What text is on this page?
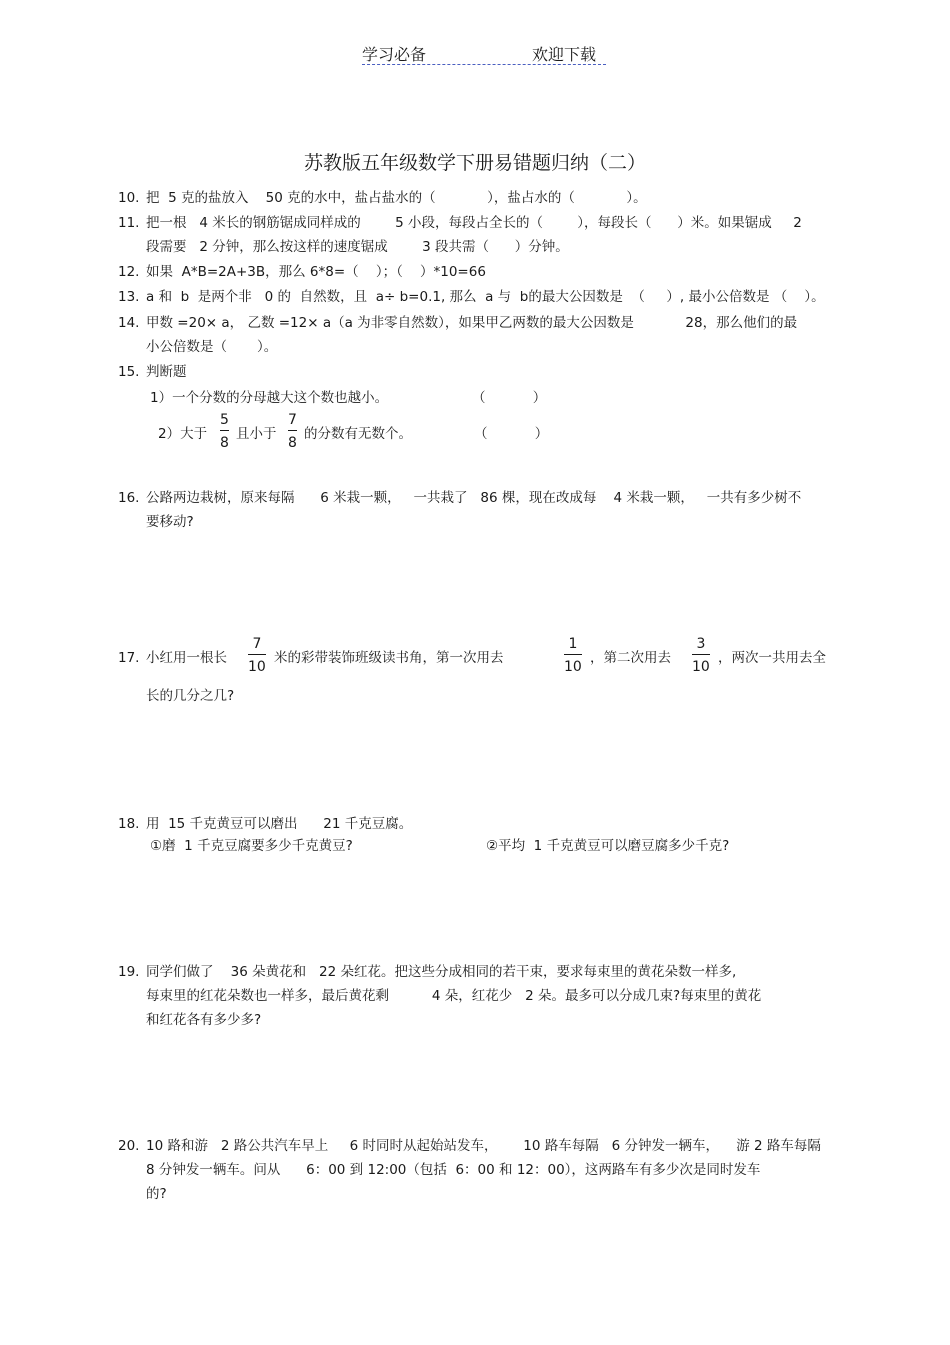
学习必备	欢迎下载
苏教版五年级数学下册易错题归纳（二）
10. 把  5 克的盐放入    50 克的水中，盐占盐水的（            ），盐占水的（            ）。
11. 把一根   4 米长的钢筋锯成同样成的        5 小段，每段占全长的（        ），每段长（      ）米。如果锯成     2
段需要   2 分钟，那么按这样的速度锯成        3 段共需（      ）分钟。
12. 如果  A*B=2A+3B，那么 6*8=（    ）；（    ）*10=66
13. a 和  b  是两个非   0 的  自然数，且  a÷ b=0.1, 那么  a 与  b的最大公因数是  （     ）, 最小公倍数是 （    ）。
14. 甲数 =20× a， 乙数 =12× a（a 为非零自然数），如果甲乙两数的最大公因数是            28，那么他们的最
小公倍数是（       ）。
15. 判断题
1）一个分数的分母越大这个数也越小。	（           ）
2）大于
5
8
且小于
7
8
的分数有无数个。	（           ）
16. 公路两边栽树，原来每隔      6 米栽一颗，   一共栽了   86 棵，现在改成每    4 米栽一颗，   一共有多少树不
要移动?
17. 小红用一根长
7
10
米的彩带装饰班级读书角，第一次用去
1
10
，第二次用去
3
10
，两次一共用去全
长的几分之几?
18. 用  15 千克黄豆可以磨出      21 千克豆腐。
①磨  1 千克豆腐要多少千克黄豆?	②平均  1 千克黄豆可以磨豆腐多少千克?
19. 同学们做了    36 朵黄花和   22 朵红花。把这些分成相同的若干束，要求每束里的黄花朵数一样多,
每束里的红花朵数也一样多，最后黄花剩          4 朵，红花少   2 朵。最多可以分成几束?每束里的黄花
和红花各有多少多?
20. 10 路和游   2 路公共汽车早上     6 时同时从起始站发车，      10 路车每隔   6 分钟发一辆车，    游 2 路车每隔
8 分钟发一辆车。问从      6：00 到 12:00（包括  6：00 和 12：00），这两路车有多少次是同时发车
的?
